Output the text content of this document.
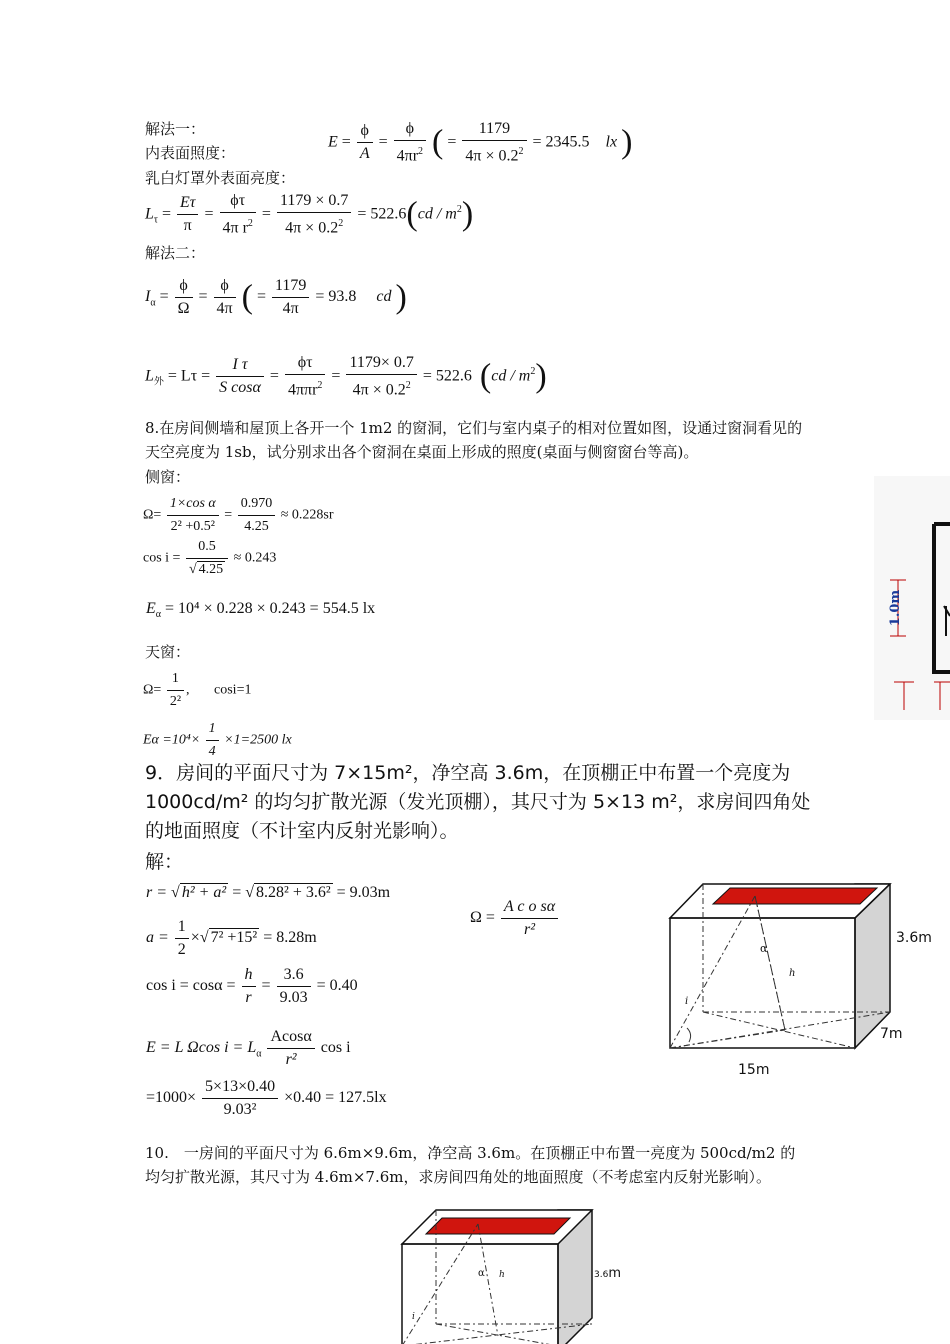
解法一：
内表面照度：
$E = \frac{\phi}{A} = \frac{\phi}{4\pi r^2}$ ( = $\frac{1179}{4\pi \times 0.2^2} = 2345.5$ lx )
乳白灯罩外表面亮度：
$L_\tau = \frac{E\tau}{\pi} = \frac{\phi\tau}{4\pi r^2} = \frac{1179 \times 0.7}{4\pi \times 0.2^2} = 522.6(cd / m^2)$
解法二：
$I_\alpha = \frac{\phi}{\Omega} = \frac{\phi}{4\pi}$ ( = $\frac{1179}{4\pi} = 93.8$ cd )
$L_外 = L\tau = \frac{\text{I τ}}{\text{S cosα}} = \frac{\phi\tau}{4\pi\pi r^2} = \frac{1179\times 0.7}{4\pi \times 0.2^2} = 522.6$ $(cd / m^2)$
8.在房间侧墙和屋顶上各开一个 1m2 的窗洞，它们与室内桌子的相对位置如图，设通过窗洞看见的天空亮度为 1sb，试分别求出各个窗洞在桌面上形成的照度(桌面与侧窗窗台等高)。
侧窗：
$\Omega= \frac{\text{1×cos α}}{\text{2² +0.5²}} = \frac{0.970}{4.25} \approx 0.228sr$
$\cos i = \frac{0.5}{√ 4.25} \approx 0.243$
$E_\alpha = 10^4 \times 0.228 \times 0.243 = 554.5$ lx
天窗：
$\Omega= \frac{1}{\text{2²}}$ ,       cosi=1
$E\alpha =10^4\times \frac{1}{4} \times 1=2500$ lx
1.0m
9．房间的平面尺寸为 7×15m²，净空高 3.6m，在顶棚正中布置一个亮度为 1000cd/m² 的均匀扩散光源（发光顶棚），其尺寸为 5×13 m²，求房间四角处的地面照度（不计室内反射光影响）。
解：
r = √ h² + a² = √ 8.28² + 3.6² = 9.03m
$a = \frac{1}{2}$ ×√ 7² +15² = 8.28m
$\cos i = \cos\alpha = \frac{h}{r} = \frac{3.6}{9.03} = 0.40$
$\Omega = \frac{\text{A c o sα}}{\text{r²}}$
E = L Ωcos $i = L_\alpha \frac{Acos\alpha}{\text{r²}}$ cos i
$=1000\times \frac{5\times 13\times 0.40}{\text{9.03²}} \times 0.40 = 127.5lx$
α
h
i
3.6m
7m
15m
10.　一房间的平面尺寸为 6.6m×9.6m，净空高 3.6m。在顶棚正中布置一亮度为 500cd/m2 的均匀扩散光源，其尺寸为 4.6m×7.6m，求房间四角处的地面照度（不考虑室内反射光影响）。
α h
i
3.6m
